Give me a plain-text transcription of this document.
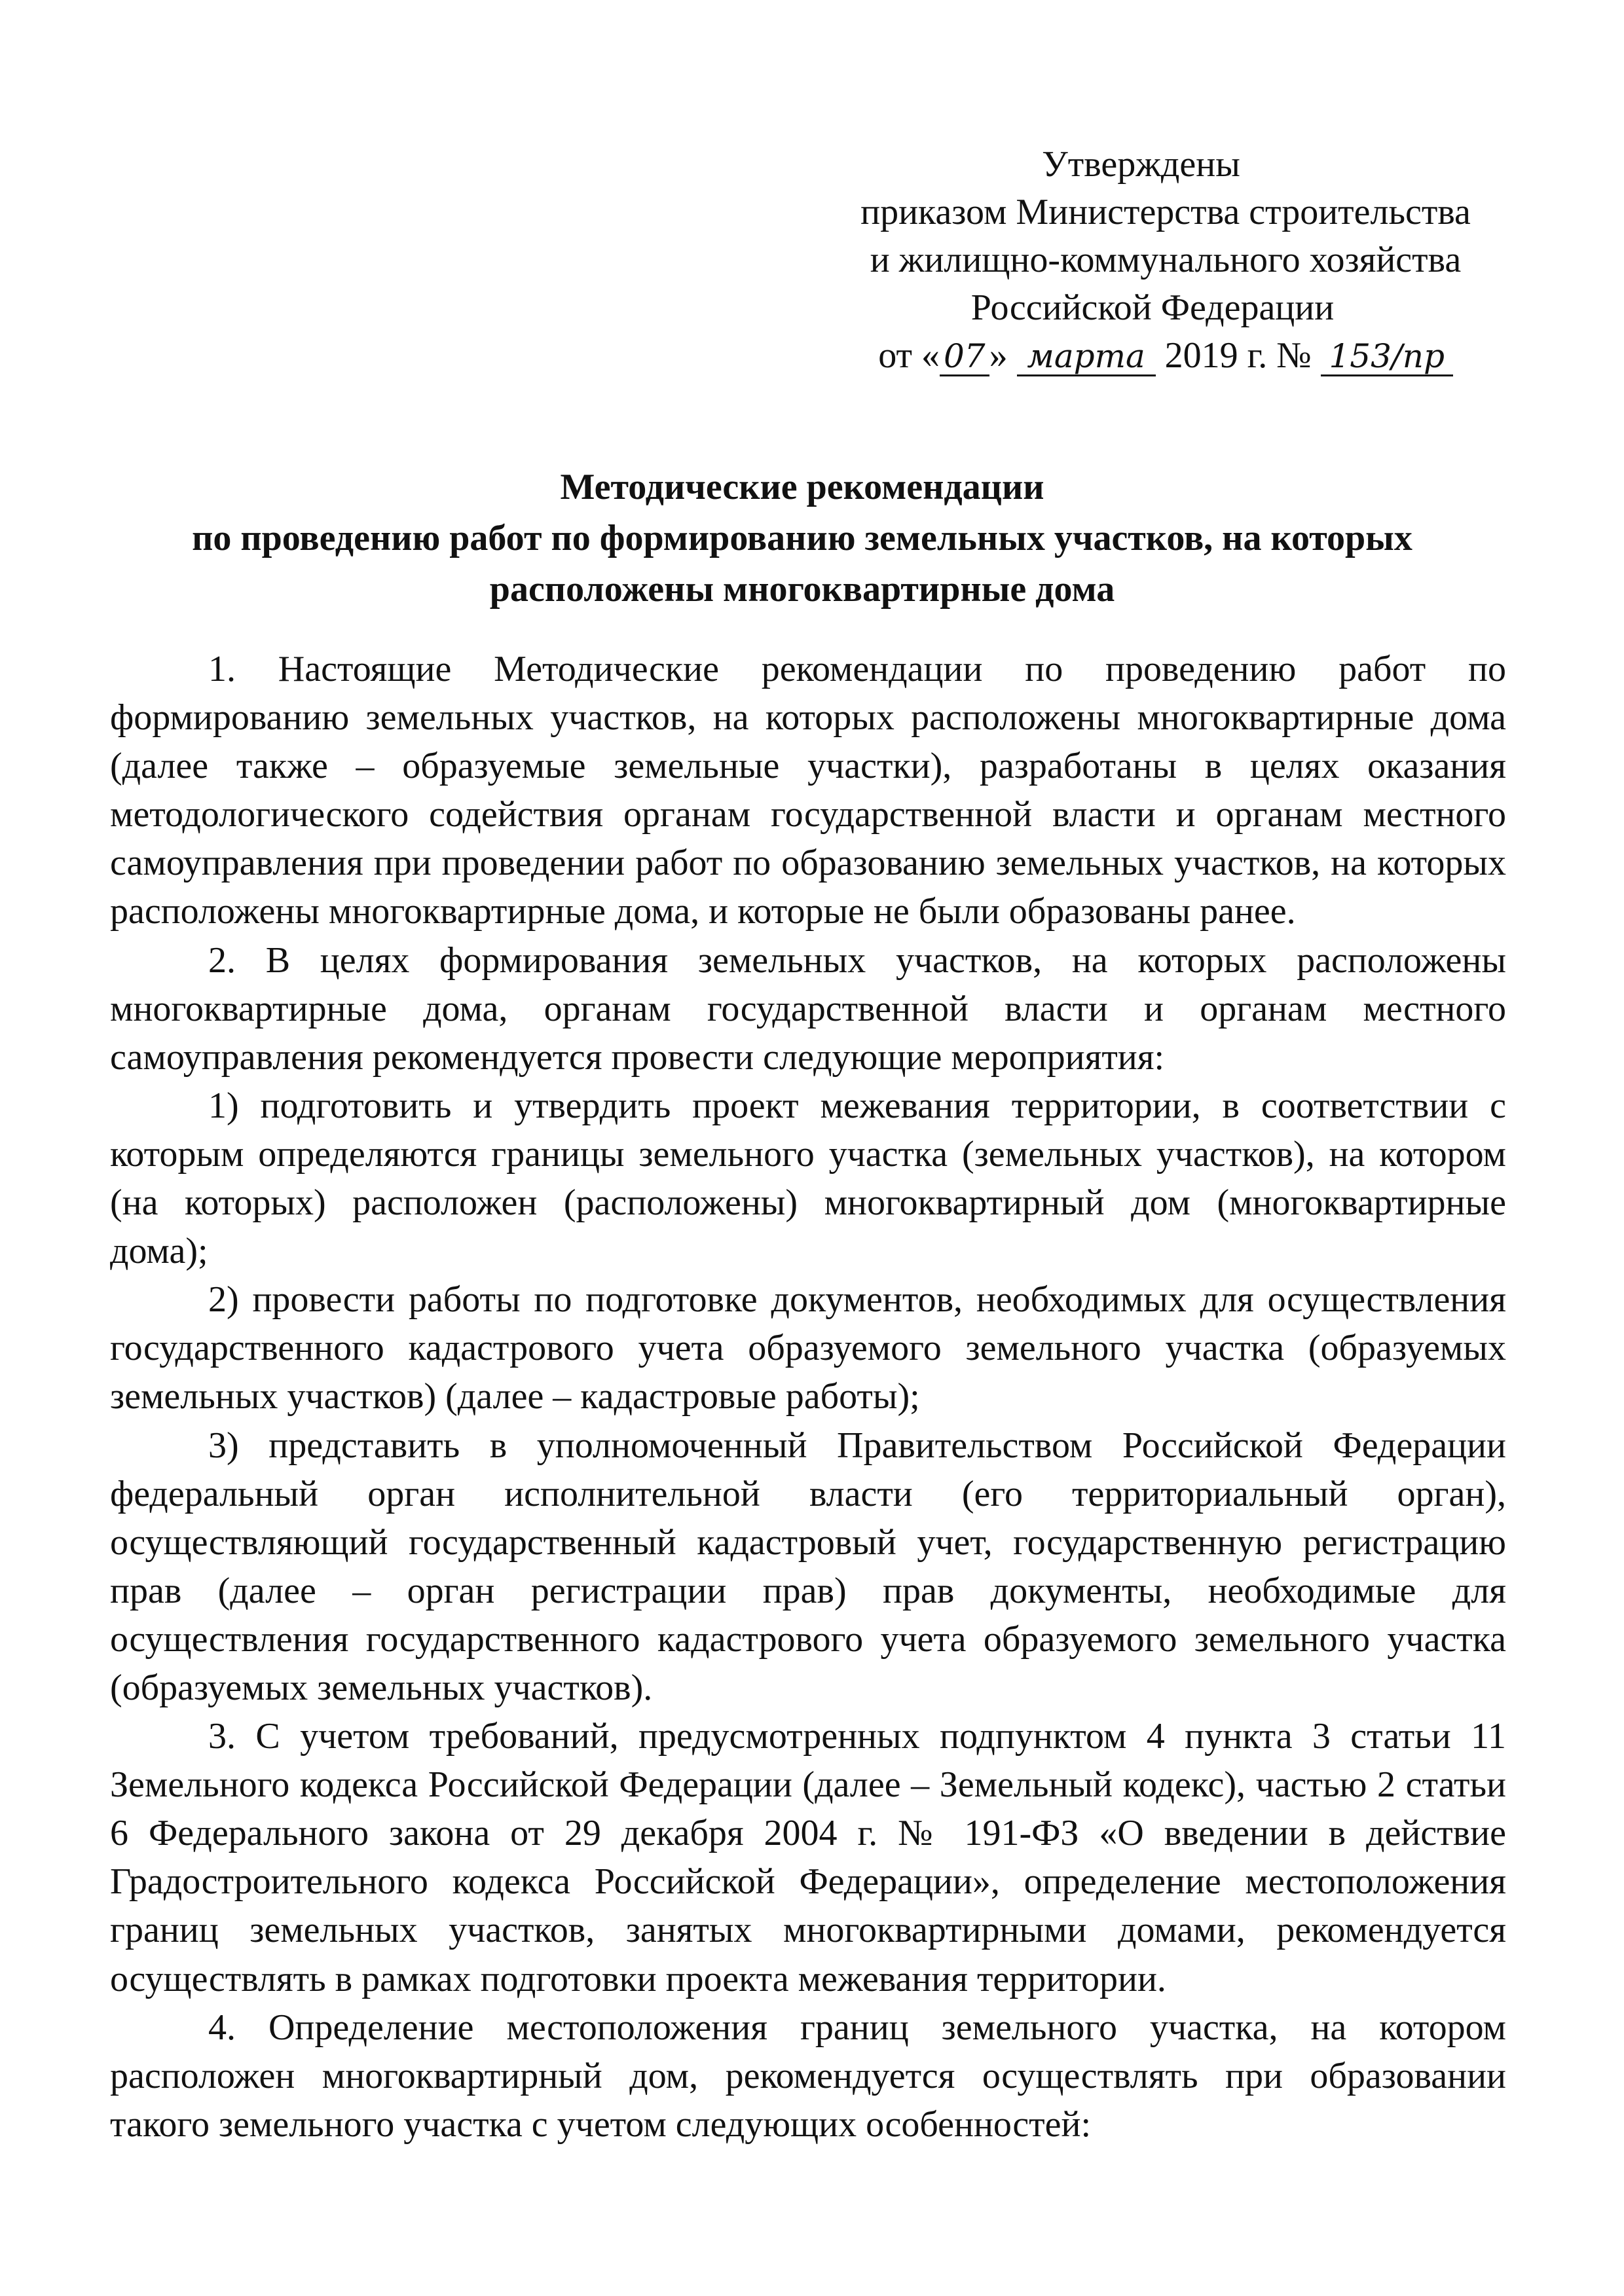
Утверждены
приказом Министерства строительства
и жилищно-коммунального хозяйства
Российской Федерации
от « 07 » марта 2019 г. № 153/пр
Методические рекомендации
по проведению работ по формированию земельных участков, на которых
расположены многоквартирные дома

1. Настоящие Методические рекомендации по проведению работ по формированию земельных участков, на которых расположены многоквартирные дома (далее также – образуемые земельные участки), разработаны в целях оказания методологического содействия органам государственной власти и органам местного самоуправления при проведении работ по образованию земельных участков, на которых расположены многоквартирные дома, и которые не были образованы ранее.

2. В целях формирования земельных участков, на которых расположены многоквартирные дома, органам государственной власти и органам местного самоуправления рекомендуется провести следующие мероприятия:

1) подготовить и утвердить проект межевания территории, в соответствии с которым определяются границы земельного участка (земельных участков), на котором (на которых) расположен (расположены) многоквартирный дом (многоквартирные дома);

2) провести работы по подготовке документов, необходимых для осуществления государственного кадастрового учета образуемого земельного участка (образуемых земельных участков) (далее – кадастровые работы);

3) представить в уполномоченный Правительством Российской Федерации федеральный орган исполнительной власти (его территориальный орган), осуществляющий государственный кадастровый учет, государственную регистрацию прав (далее – орган регистрации прав) прав документы, необходимые для осуществления государственного кадастрового учета образуемого земельного участка (образуемых земельных участков).

3. С учетом требований, предусмотренных подпунктом 4 пункта 3 статьи 11 Земельного кодекса Российской Федерации (далее – Земельный кодекс), частью 2 статьи 6 Федерального закона от 29 декабря 2004 г. № 191-ФЗ «О введении в действие Градостроительного кодекса Российской Федерации», определение местоположения границ земельных участков, занятых многоквартирными домами, рекомендуется осуществлять в рамках подготовки проекта межевания территории.

4. Определение местоположения границ земельного участка, на котором расположен многоквартирный дом, рекомендуется осуществлять при образовании такого земельного участка с учетом следующих особенностей:
